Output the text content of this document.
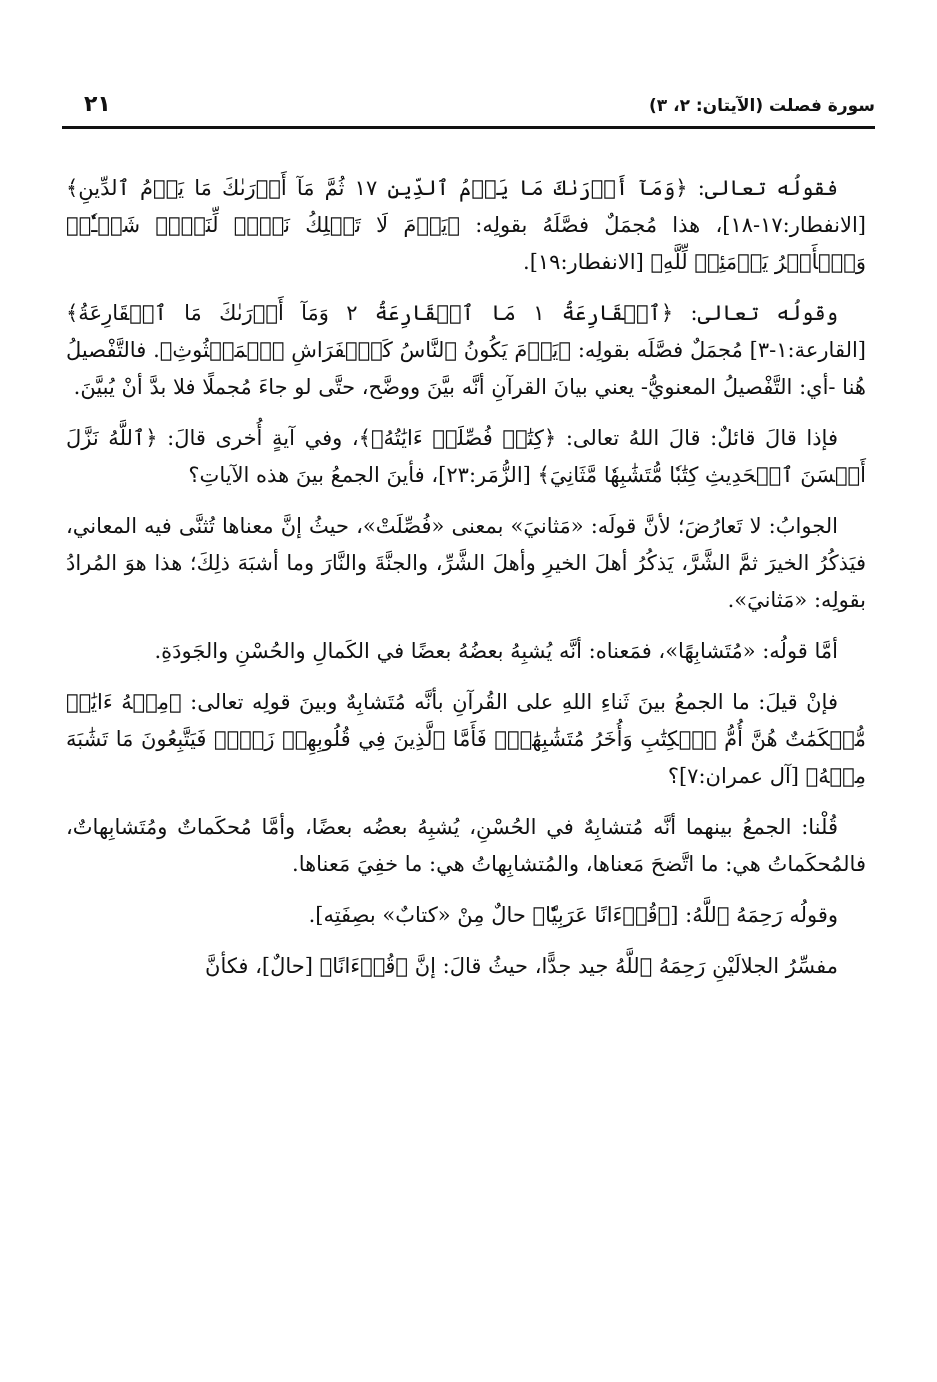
سورة فصلت (الآيتان: ٢، ٣)
٢١

فقولُه تعالى: ﴿وَمَآ أَدۡرَىٰكَ مَا يَوۡمُ ٱلدِّينِ ١٧ ثُمَّ مَآ أَدۡرَىٰكَ مَا يَوۡمُ ٱلدِّينِ﴾ [الانفطار:١٧-١٨]، هذا مُجمَلٌ فصَّلَهُ بقولِه: ﴿يَوۡمَ لَا تَمۡلِكُ نَفۡسٞ لِّنَفۡسٖ شَيۡـٔٗاۖ وَٱلۡأَمۡرُ يَوۡمَئِذٖ لِّلَّهِ﴾ [الانفطار:١٩].

وقولُه تعالى: ﴿ٱلۡقَارِعَةُ ١ مَا ٱلۡقَارِعَةُ ٢ وَمَآ أَدۡرَىٰكَ مَا ٱلۡقَارِعَةُ﴾ [القارعة:١-٣] مُجمَلٌ فصَّلَه بقولِه: ﴿يَوۡمَ يَكُونُ ٱلنَّاسُ كَٱلۡفَرَاشِ ٱلۡمَبۡثُوثِ﴾. فالتَّفْصيلُ هُنا -أي: التَّفْصيلُ المعنويُّ- يعني بيانَ القرآنِ أنَّه بيَّنَ ووضَّح، حتَّى لو جاءَ مُجملًا فلا بدَّ أنْ يُبيَّنَ.

فإذا قالَ قائلٌ: قالَ اللهُ تعالى: ﴿كِتَٰبٞ فُصِّلَتۡ ءَايَٰتُهُۥ﴾، وفي آيةٍ أُخرى قالَ: ﴿ٱللَّهُ نَزَّلَ أَحۡسَنَ ٱلۡحَدِيثِ كِتَٰبٗا مُّتَشَٰبِهٗا مَّثَانِيَ﴾ [الزُّمَر:٢٣]، فأينَ الجمعُ بينَ هذه الآياتِ؟

الجوابُ: لا تَعارُضَ؛ لأنَّ قولَه: «مَثانيَ» بمعنى «فُصِّلَتْ»، حيثُ إنَّ معناها تُثنَّى فيه المعاني، فيَذكُرُ الخيرَ ثمَّ الشَّرَّ، يَذكُرُ أهلَ الخيرِ وأهلَ الشَّرِّ، والجنَّةَ والنَّارَ وما أشبَهَ ذلِكَ؛ هذا هوَ المُرادُ بقولِه: «مَثانيَ».

أمَّا قولُه: «مُتَشابِهًا»، فمَعناه: أنَّه يُشبِهُ بعضُهُ بعضًا في الكَمالِ والحُسْنِ والجَودَةِ.

فإنْ قيلَ: ما الجمعُ بينَ ثَناءِ اللهِ على القُرآنِ بأنَّه مُتَشابِهٌ وبينَ قولِه تعالى: ﴿مِنۡهُ ءَايَٰتٞ مُّحۡكَمَٰتٌ هُنَّ أُمُّ ٱلۡكِتَٰبِ وَأُخَرُ مُتَشَٰبِهَٰتٞۖ فَأَمَّا ٱلَّذِينَ فِي قُلُوبِهِمۡ زَيۡغٞ فَيَتَّبِعُونَ مَا تَشَٰبَهَ مِنۡهُ﴾ [آل عمران:٧]؟

قُلْنا: الجمعُ بينهما أنَّه مُتشابِهٌ في الحُسْنِ، يُشبِهُ بعضُه بعضًا، وأمَّا مُحكَماتٌ ومُتَشابِهاتٌ، فالمُحكَماتُ هي: ما اتَّضحَ مَعناها، والمُتشابِهاتُ هي: ما خفِيَ مَعناها.

وقولُه رَحِمَهُ ٱللَّهُ: [﴿قُرۡءَانًا عَرَبِيّٗا﴾ حالٌ مِنْ «كتابٌ» بصِفَتِه].

مفسِّرُ الجلالَيْنِ رَحِمَهُ ٱللَّهُ جيد جدًّا، حيثُ قالَ: إنَّ ﴿قُرۡءَانًا﴾ [حالٌ]، فكأنَّ
